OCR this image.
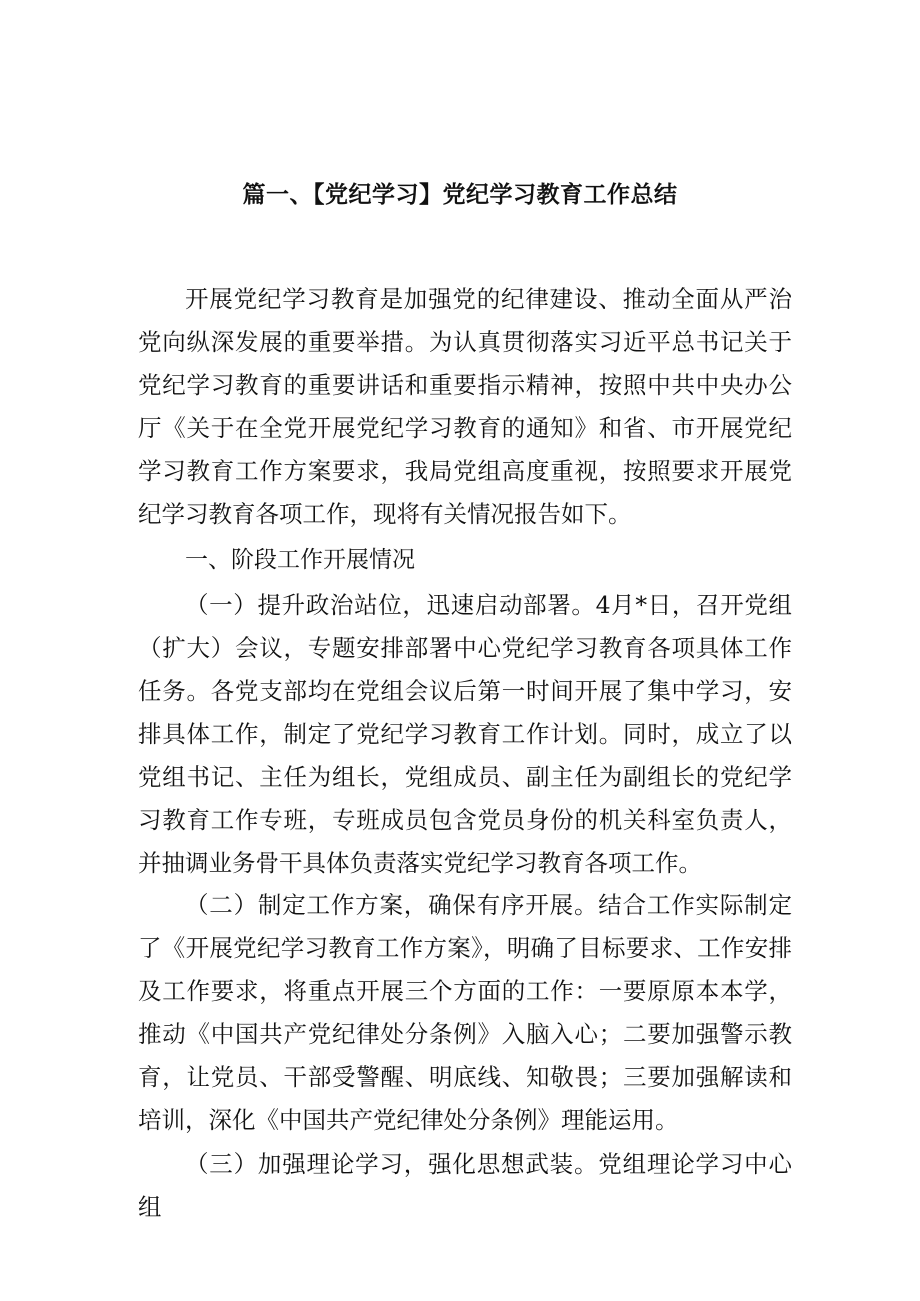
篇一、【党纪学习】党纪学习教育工作总结

开展党纪学习教育是加强党的纪律建设、推动全面从严治党向纵深发展的重要举措。为认真贯彻落实习近平总书记关于党纪学习教育的重要讲话和重要指示精神，按照中共中央办公厅《关于在全党开展党纪学习教育的通知》和省、市开展党纪学习教育工作方案要求，我局党组高度重视，按照要求开展党纪学习教育各项工作，现将有关情况报告如下。

一、阶段工作开展情况

（一）提升政治站位，迅速启动部署。4月*日，召开党组（扩大）会议，专题安排部署中心党纪学习教育各项具体工作任务。各党支部均在党组会议后第一时间开展了集中学习，安排具体工作，制定了党纪学习教育工作计划。同时，成立了以党组书记、主任为组长，党组成员、副主任为副组长的党纪学习教育工作专班，专班成员包含党员身份的机关科室负责人，并抽调业务骨干具体负责落实党纪学习教育各项工作。

（二）制定工作方案，确保有序开展。结合工作实际制定了《开展党纪学习教育工作方案》，明确了目标要求、工作安排及工作要求，将重点开展三个方面的工作：一要原原本本学，推动《中国共产党纪律处分条例》入脑入心；二要加强警示教育，让党员、干部受警醒、明底线、知敬畏；三要加强解读和培训，深化《中国共产党纪律处分条例》理能运用。

（三）加强理论学习，强化思想武装。党组理论学习中心组
